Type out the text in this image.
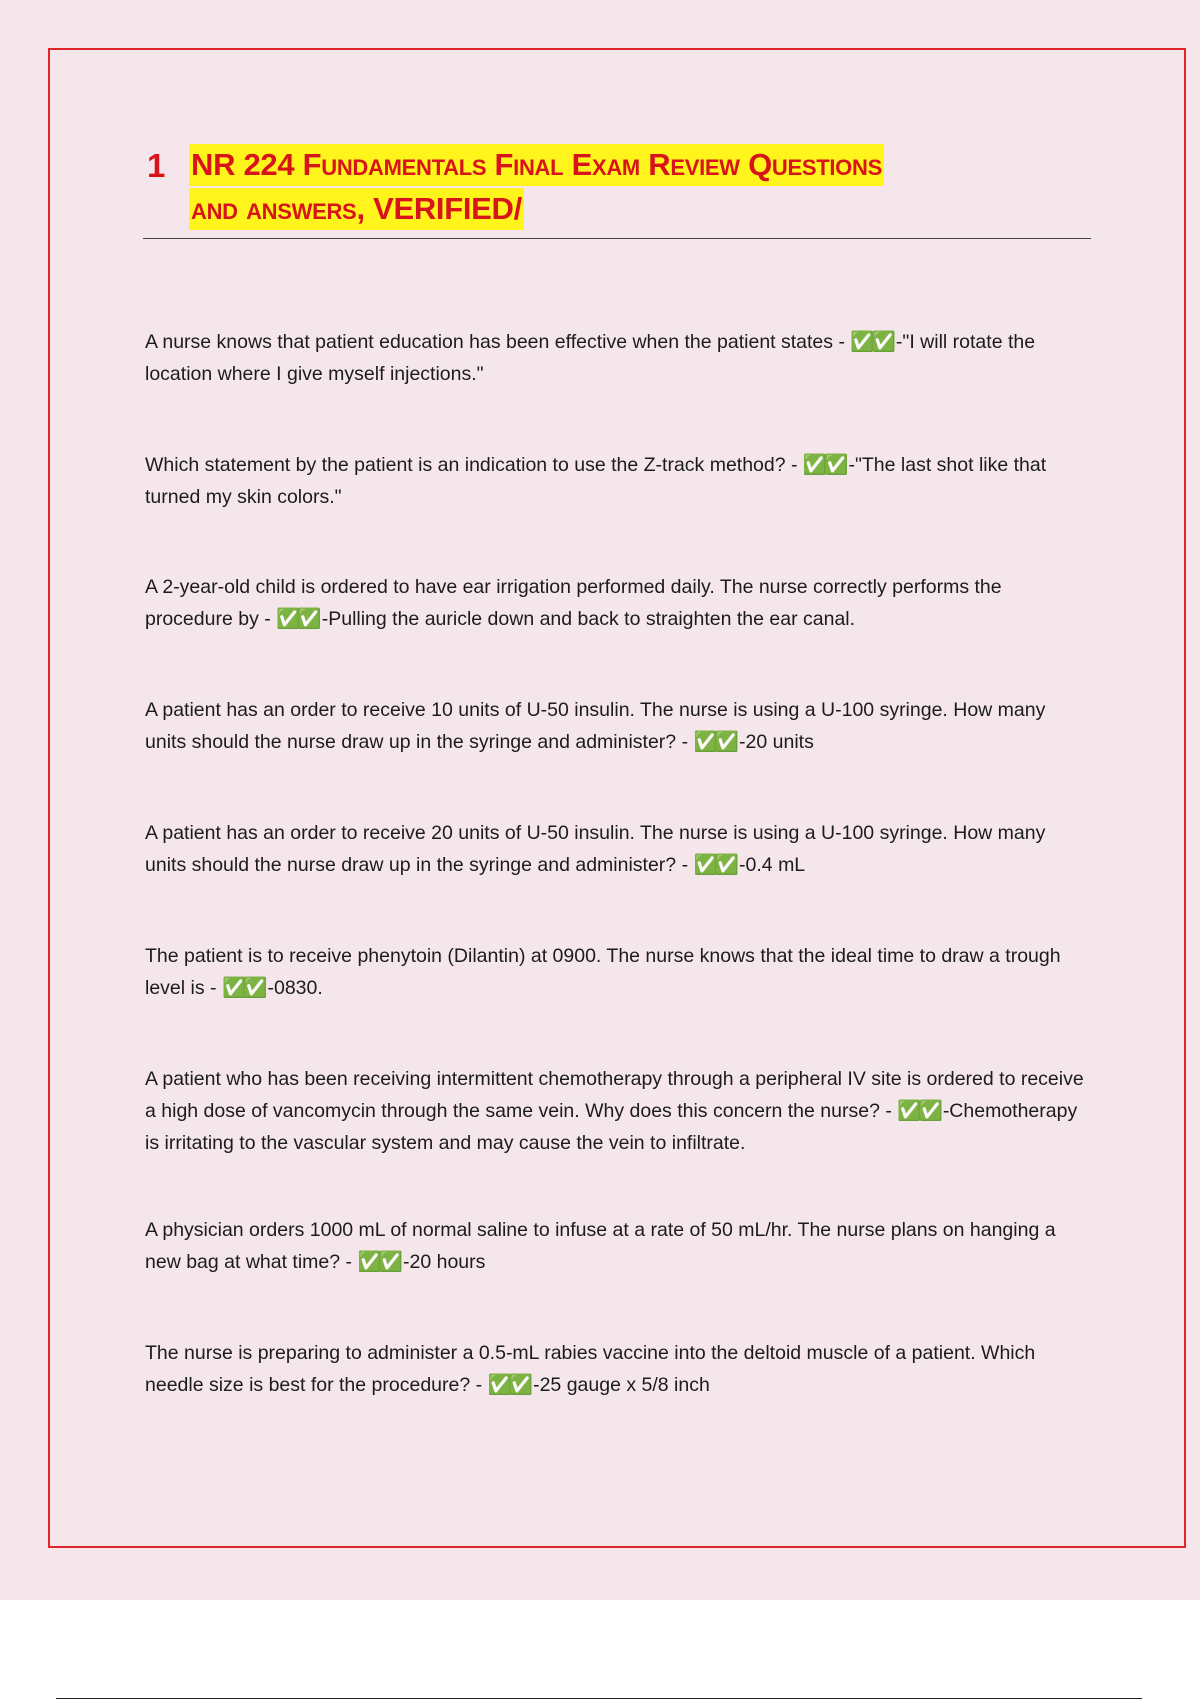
1 NR 224 Fundamentals Final Exam Review Questions
and answers, VERIFIED/
A nurse knows that patient education has been effective when the patient states - ✅✅ -"I will rotate the location where I give myself injections."
Which statement by the patient is an indication to use the Z-track method? - ✅✅ -"The last shot like that turned my skin colors."
A 2-year-old child is ordered to have ear irrigation performed daily. The nurse correctly performs the procedure by - ✅✅ -Pulling the auricle down and back to straighten the ear canal.
A patient has an order to receive 10 units of U-50 insulin. The nurse is using a U-100 syringe. How many units should the nurse draw up in the syringe and administer? - ✅✅ -20 units
A patient has an order to receive 20 units of U-50 insulin. The nurse is using a U-100 syringe. How many units should the nurse draw up in the syringe and administer? - ✅✅ -0.4 mL
The patient is to receive phenytoin (Dilantin) at 0900. The nurse knows that the ideal time to draw a trough level is - ✅✅ -0830.
A patient who has been receiving intermittent chemotherapy through a peripheral IV site is ordered to receive a high dose of vancomycin through the same vein. Why does this concern the nurse? - ✅✅ -Chemotherapy is irritating to the vascular system and may cause the vein to infiltrate.
A physician orders 1000 mL of normal saline to infuse at a rate of 50 mL/hr. The nurse plans on hanging a new bag at what time? - ✅✅ -20 hours
The nurse is preparing to administer a 0.5-mL rabies vaccine into the deltoid muscle of a patient. Which needle size is best for the procedure? - ✅✅ -25 gauge x 5/8 inch
